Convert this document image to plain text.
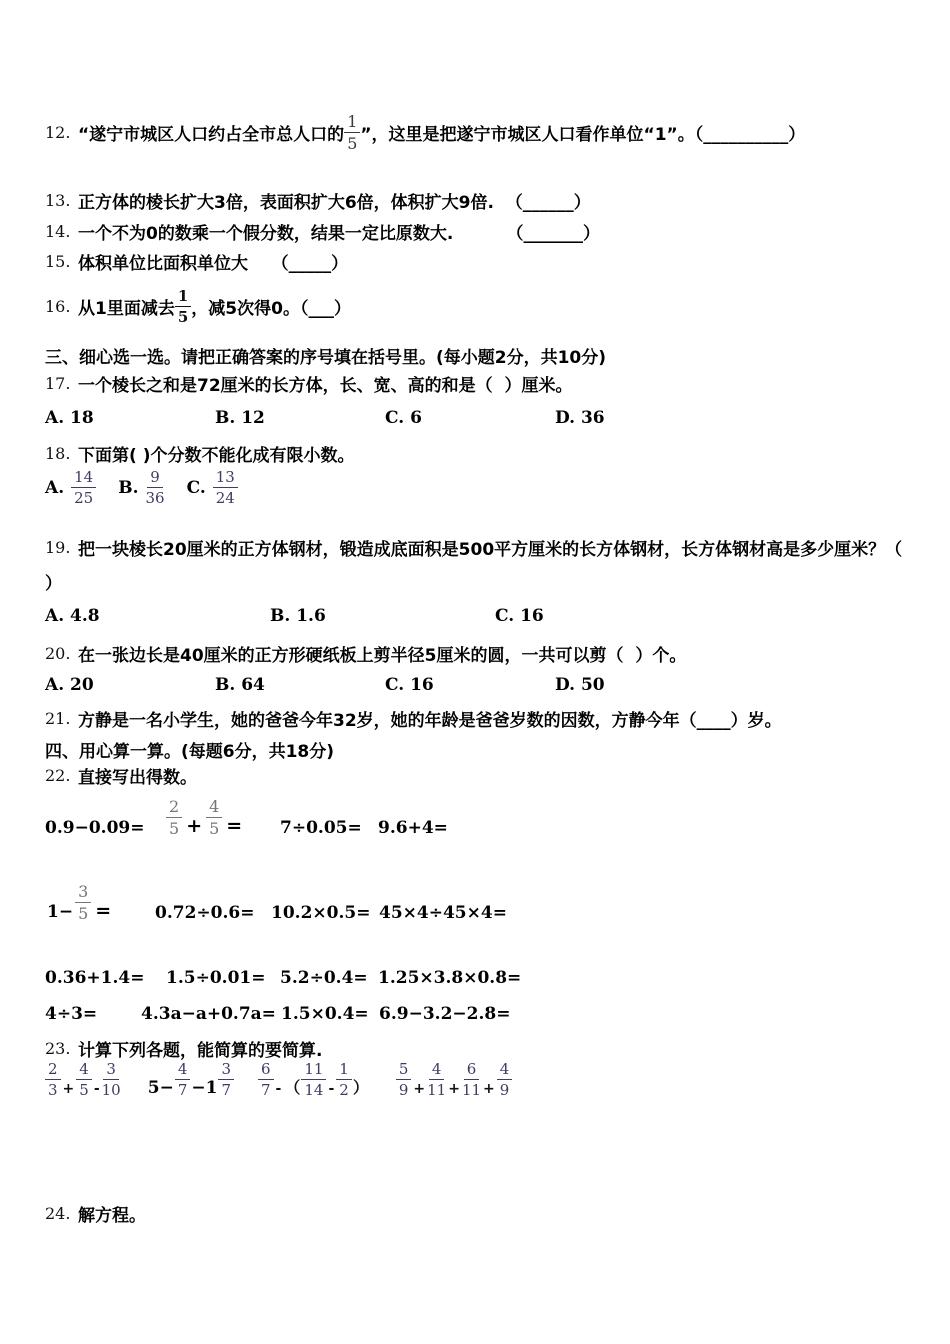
12. “遂宁市城区人口约占全市总人口的 $\frac{1}{5}$ ”，这里是把遂宁市城区人口看作单位“1”。（__________）
13. 正方体的棱长扩大3倍，表面积扩大6倍，体积扩大9倍.  （______）
14. 一个不为0的数乘一个假分数，结果一定比原数大.         （_______）
15. 体积单位比面积单位大    （_____）
16. 从1里面减去 $\frac{1}{5}$ ，减5次得0。（___）
三、细心选一选。请把正确答案的序号填在括号里。(每小题2分，共10分)
17. 一个棱长之和是72厘米的长方体，长、宽、高的和是（  ）厘米。
A. 18	B. 12	C. 6	D. 36
18. 下面第( )个分数不能化成有限小数。
A. $\frac{14}{25} B$. $\frac{9}{36} C$. $\frac{13}{24}$
19. 把一块棱长20厘米的正方体钢材，锻造成底面积是500平方厘米的长方体钢材，长方体钢材高是多少厘米？（
）
A. 4.8	B. 1.6	C. 16
20. 在一张边长是40厘米的正方形硬纸板上剪半径5厘米的圆，一共可以剪（  ）个。
A. 20	B. 64	C. 16	D. 50
21. 方静是一名小学生，她的爸爸今年32岁，她的年龄是爸爸岁数的因数，方静今年（____）岁。
四、用心算一算。(每题6分，共18分)
22. 直接写出得数。
0.9−0.09=	$\frac{2}{5} + \frac{4}{5} = 7\div 0.05= 9.6+4=$
$1- \frac{3}{5}$ =	0.72÷0.6= 10.2×0.5= 45×4÷45×4=
0.36+1.4=	1.5÷0.01= 5.2÷0.4= 1.25×3.8×0.8=
4÷3=	4.3a−a+0.7a= 1.5×0.4= 6.9−3.2−2.8=
23. 计算下列各题，能简算的要简算.
$\frac{2}{3} + \frac{4}{5} - \frac{3}{10} 5- \frac{4}{7} -1 \frac{3}{7} \frac{6}{7}$ - （ $\frac{11}{14} - \frac{1}{2}$ ） $\frac{5}{9} + \frac{4}{11} + \frac{6}{11} + \frac{4}{9}$
24. 解方程。
